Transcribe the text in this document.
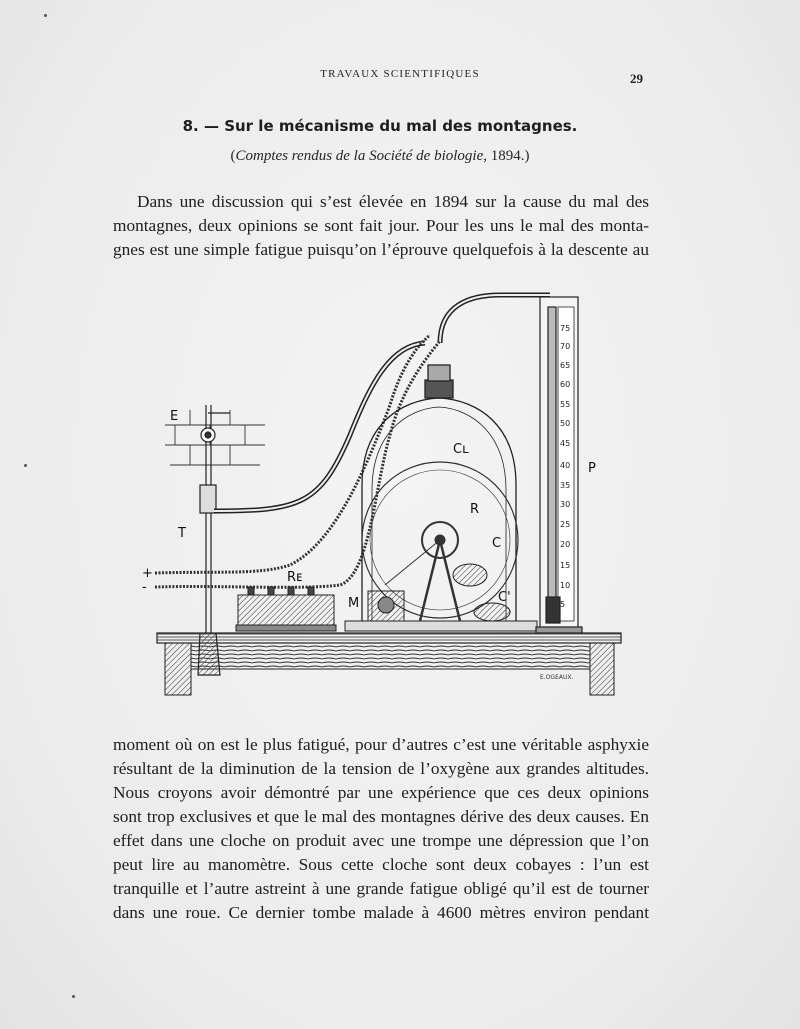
TRAVAUX SCIENTIFIQUES	29
8. — Sur le mécanisme du mal des montagnes.
(Comptes rendus de la Société de biologie, 1894.)
Dans une discussion qui s’est élevée en 1894 sur la cause du mal des
montagnes, deux opinions se sont fait jour. Pour les uns le mal des monta-
gnes est une simple fatigue puisqu’on l’éprouve quelquefois à la descente au
75
70
65
60
55
50
45
40
35
30
25
20
15
10
5
E
T
+
-
Rᴇ
M
Cʟ
R
C
C'
P
E.OGEAUX.
moment où on est le plus fatigué, pour d’autres c’est une véritable asphyxie
résultant de la diminution de la tension de l’oxygène aux grandes altitudes.
Nous croyons avoir démontré par une expérience que ces deux opinions
sont trop exclusives et que le mal des montagnes dérive des deux causes. En
effet dans une cloche on produit avec une trompe une dépression que l’on
peut lire au manomètre. Sous cette cloche sont deux cobayes : l’un est
tranquille et l’autre astreint à une grande fatigue obligé qu’il est de tourner
dans une roue. Ce dernier tombe malade à 4600 mètres environ pendant
